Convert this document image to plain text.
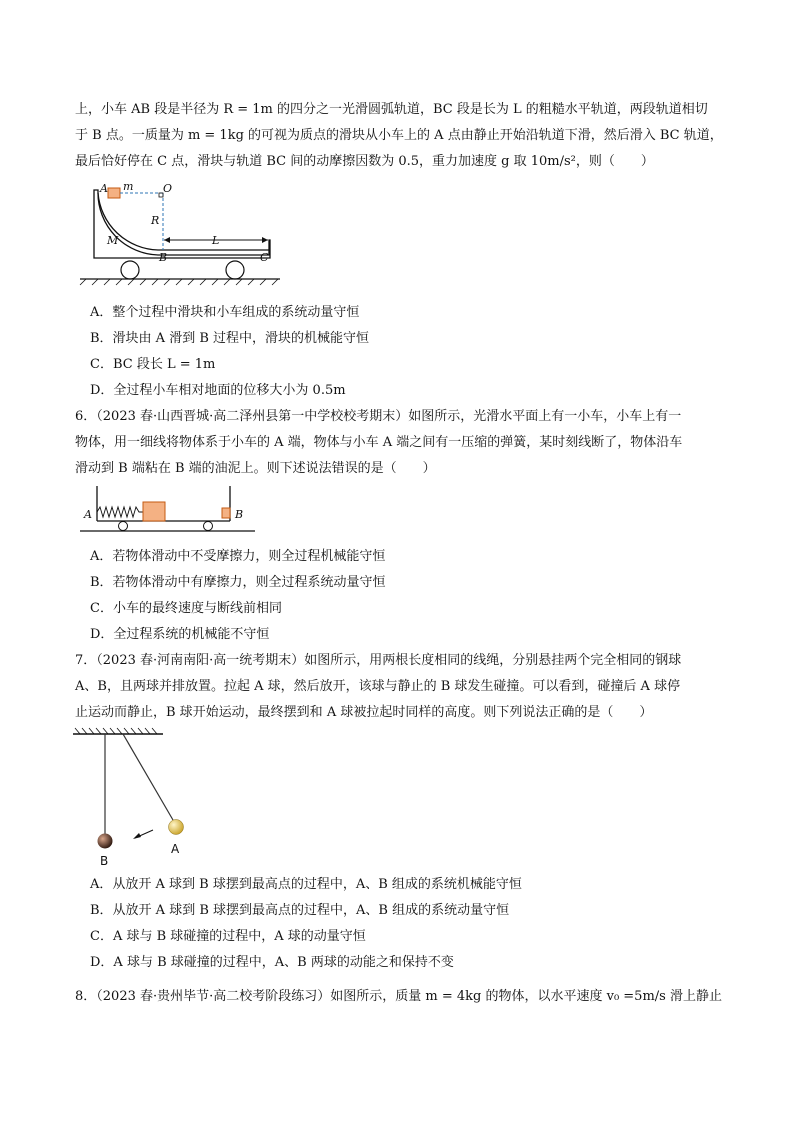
上，小车 AB 段是半径为 R = 1m 的四分之一光滑圆弧轨道，BC 段是长为 L 的粗糙水平轨道，两段轨道相切
于 B 点。一质量为 m = 1kg 的可视为质点的滑块从小车上的 A 点由静止开始沿轨道下滑，然后滑入 BC 轨道，
最后恰好停在 C 点，滑块与轨道 BC 间的动摩擦因数为 0.5，重力加速度 g 取 10m/s²，则（　　）
A m	O
R
M
B
L
C
A．整个过程中滑块和小车组成的系统动量守恒
B．滑块由 A 滑到 B 过程中，滑块的机械能守恒
C．BC 段长 L = 1m
D．全过程小车相对地面的位移大小为 0.5m
6．（2023 春·山西晋城·高二泽州县第一中学校校考期末）如图所示，光滑水平面上有一小车，小车上有一
物体，用一细线将物体系于小车的 A 端，物体与小车 A 端之间有一压缩的弹簧，某时刻线断了，物体沿车
滑动到 B 端粘在 B 端的油泥上。则下述说法错误的是（　　）
A	B
A．若物体滑动中不受摩擦力，则全过程机械能守恒
B．若物体滑动中有摩擦力，则全过程系统动量守恒
C．小车的最终速度与断线前相同
D．全过程系统的机械能不守恒
7．（2023 春·河南南阳·高一统考期末）如图所示，用两根长度相同的线绳，分别悬挂两个完全相同的钢球
A、B，且两球并排放置。拉起 A 球，然后放开，该球与静止的 B 球发生碰撞。可以看到，碰撞后 A 球停
止运动而静止，B 球开始运动，最终摆到和 A 球被拉起时同样的高度。则下列说法正确的是（　　）
B
A
A．从放开 A 球到 B 球摆到最高点的过程中，A、B 组成的系统机械能守恒
B．从放开 A 球到 B 球摆到最高点的过程中，A、B 组成的系统动量守恒
C．A 球与 B 球碰撞的过程中，A 球的动量守恒
D．A 球与 B 球碰撞的过程中，A、B 两球的动能之和保持不变
8．（2023 春·贵州毕节·高二校考阶段练习）如图所示，质量 m = 4kg 的物体，以水平速度 v₀ =5m/s 滑上静止
